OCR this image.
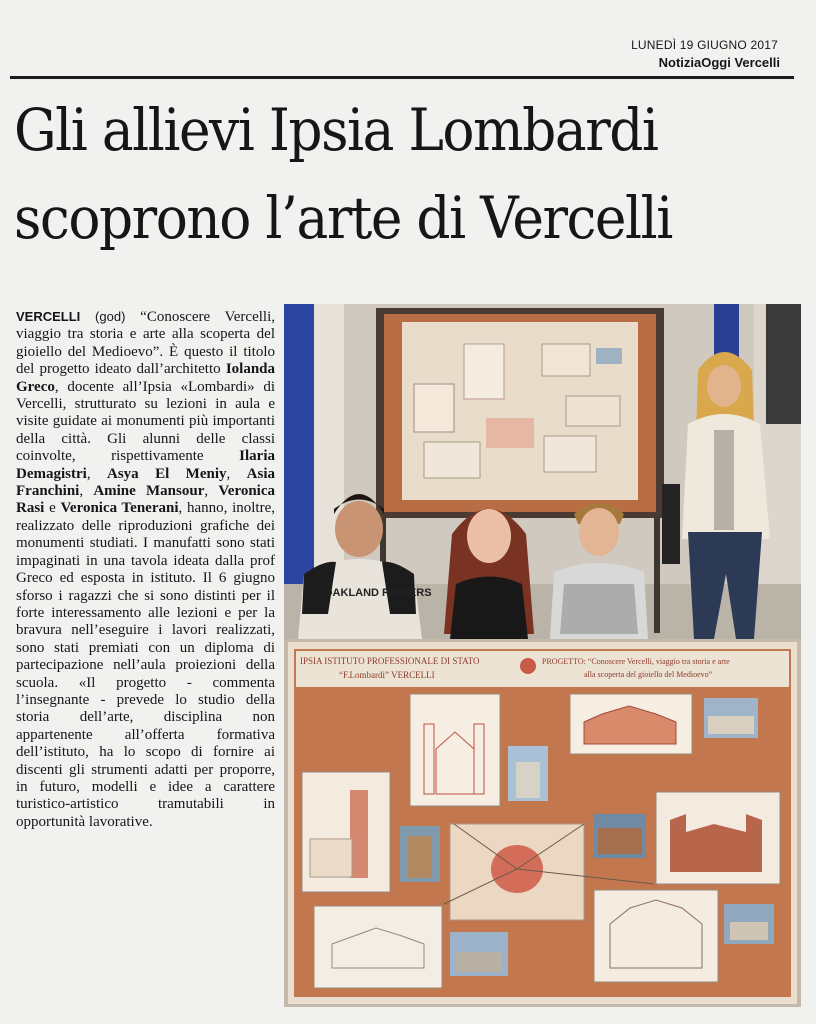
LUNEDÌ 19 GIUGNO 2017
NotiziaOggi Vercelli
Gli allievi Ipsia Lombardi
scoprono l’arte di Vercelli

VERCELLI (god) “Conoscere Vercelli, viaggio tra storia e arte alla scoperta del gioiello del Medioevo”. È questo il titolo del progetto ideato dall’architetto Iolanda Greco, docente all’Ipsia «Lombardi» di Vercelli, strutturato su lezioni in aula e visite guidate ai monumenti più importanti della città. Gli alunni delle classi coinvolte, rispettivamente Ilaria Demagistri, Asya El Meniy, Asia Franchini, Amine Mansour, Veronica Rasi e Veronica Tenerani, hanno, inoltre, realizzato delle riproduzioni grafiche dei monumenti studiati. I manufatti sono stati impaginati in una tavola ideata dalla prof Greco ed esposta in istituto. Il 6 giugno sforso i ragazzi che si sono distinti per il forte interessamento alle lezioni e per la bravura nell’eseguire i lavori realizzati, sono stati premiati con un diploma di partecipazione nell’aula proiezioni della scuola. «Il progetto - commenta l’insegnante - prevede lo studio della storia dell’arte, disciplina non appartenente all’offerta formativa dell’istituto, ha lo scopo di fornire ai discenti gli strumenti adatti per proporre, in futuro, modelli e idee a carattere turistico-artistico tramutabili in opportunità lavorative.

OAKLAND RAIDERS
IPSIA ISTITUTO PROFESSIONALE DI STATO
“F.Lombardi” VERCELLI
PROGETTO: “Conoscere Vercelli, viaggio tra storia e arte
alla scoperta del gioiello del Medioevo”
